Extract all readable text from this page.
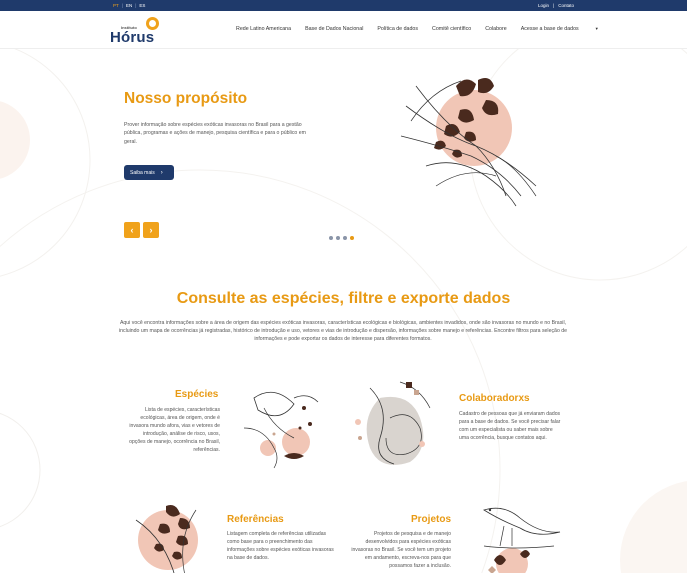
PT | EN | ES	Login | Contato
Instituto
Hórus	Rede Latino Americana	Base de Dados Nacional	Política de dados	Comitê científico	Colabore	Acesse a base de dados	▼
Nosso propósito
Prover informação sobre espécies exóticas invasoras no Brasil para a gestão pública, programas e ações de manejo, pesquisa científica e para o público em geral.
Saiba mais ›
‹ ›
Consulte as espécies, filtre e exporte dados
Aqui você encontra informações sobre a área de origem das espécies exóticas invasoras, características ecológicas e biológicas, ambientes invadidos, onde são invasoras no mundo e no Brasil, incluindo um mapa de ocorrências já registradas, histórico de introdução e uso, vetores e vias de introdução e dispersão, informações sobre manejo e referências. Encontre filtros para seleção de informações e pode exportar os dados de interesse para diferentes formatos.
Espécies
Lista de espécies, características ecológicas, área de origem, onde é invasora mundo afora, vias e vetores de introdução, análise de risco, usos, opções de manejo, ocorrência no Brasil, referências.
Colaboradorxs
Cadastro de pessoas que já enviaram dados para a base de dados. Se você precisar falar com um especialista ou saber mais sobre uma ocorrência, busque contatos aqui.
Referências
Listagem completa de referências utilizadas como base para o preenchimento das informações sobre espécies exóticas invasoras na base de dados.
Projetos
Projetos de pesquisa e de manejo desenvolvidos para espécies exóticas invasoras no Brasil. Se você tem um projeto em andamento, escreva-nos para que possamos fazer a inclusão.
